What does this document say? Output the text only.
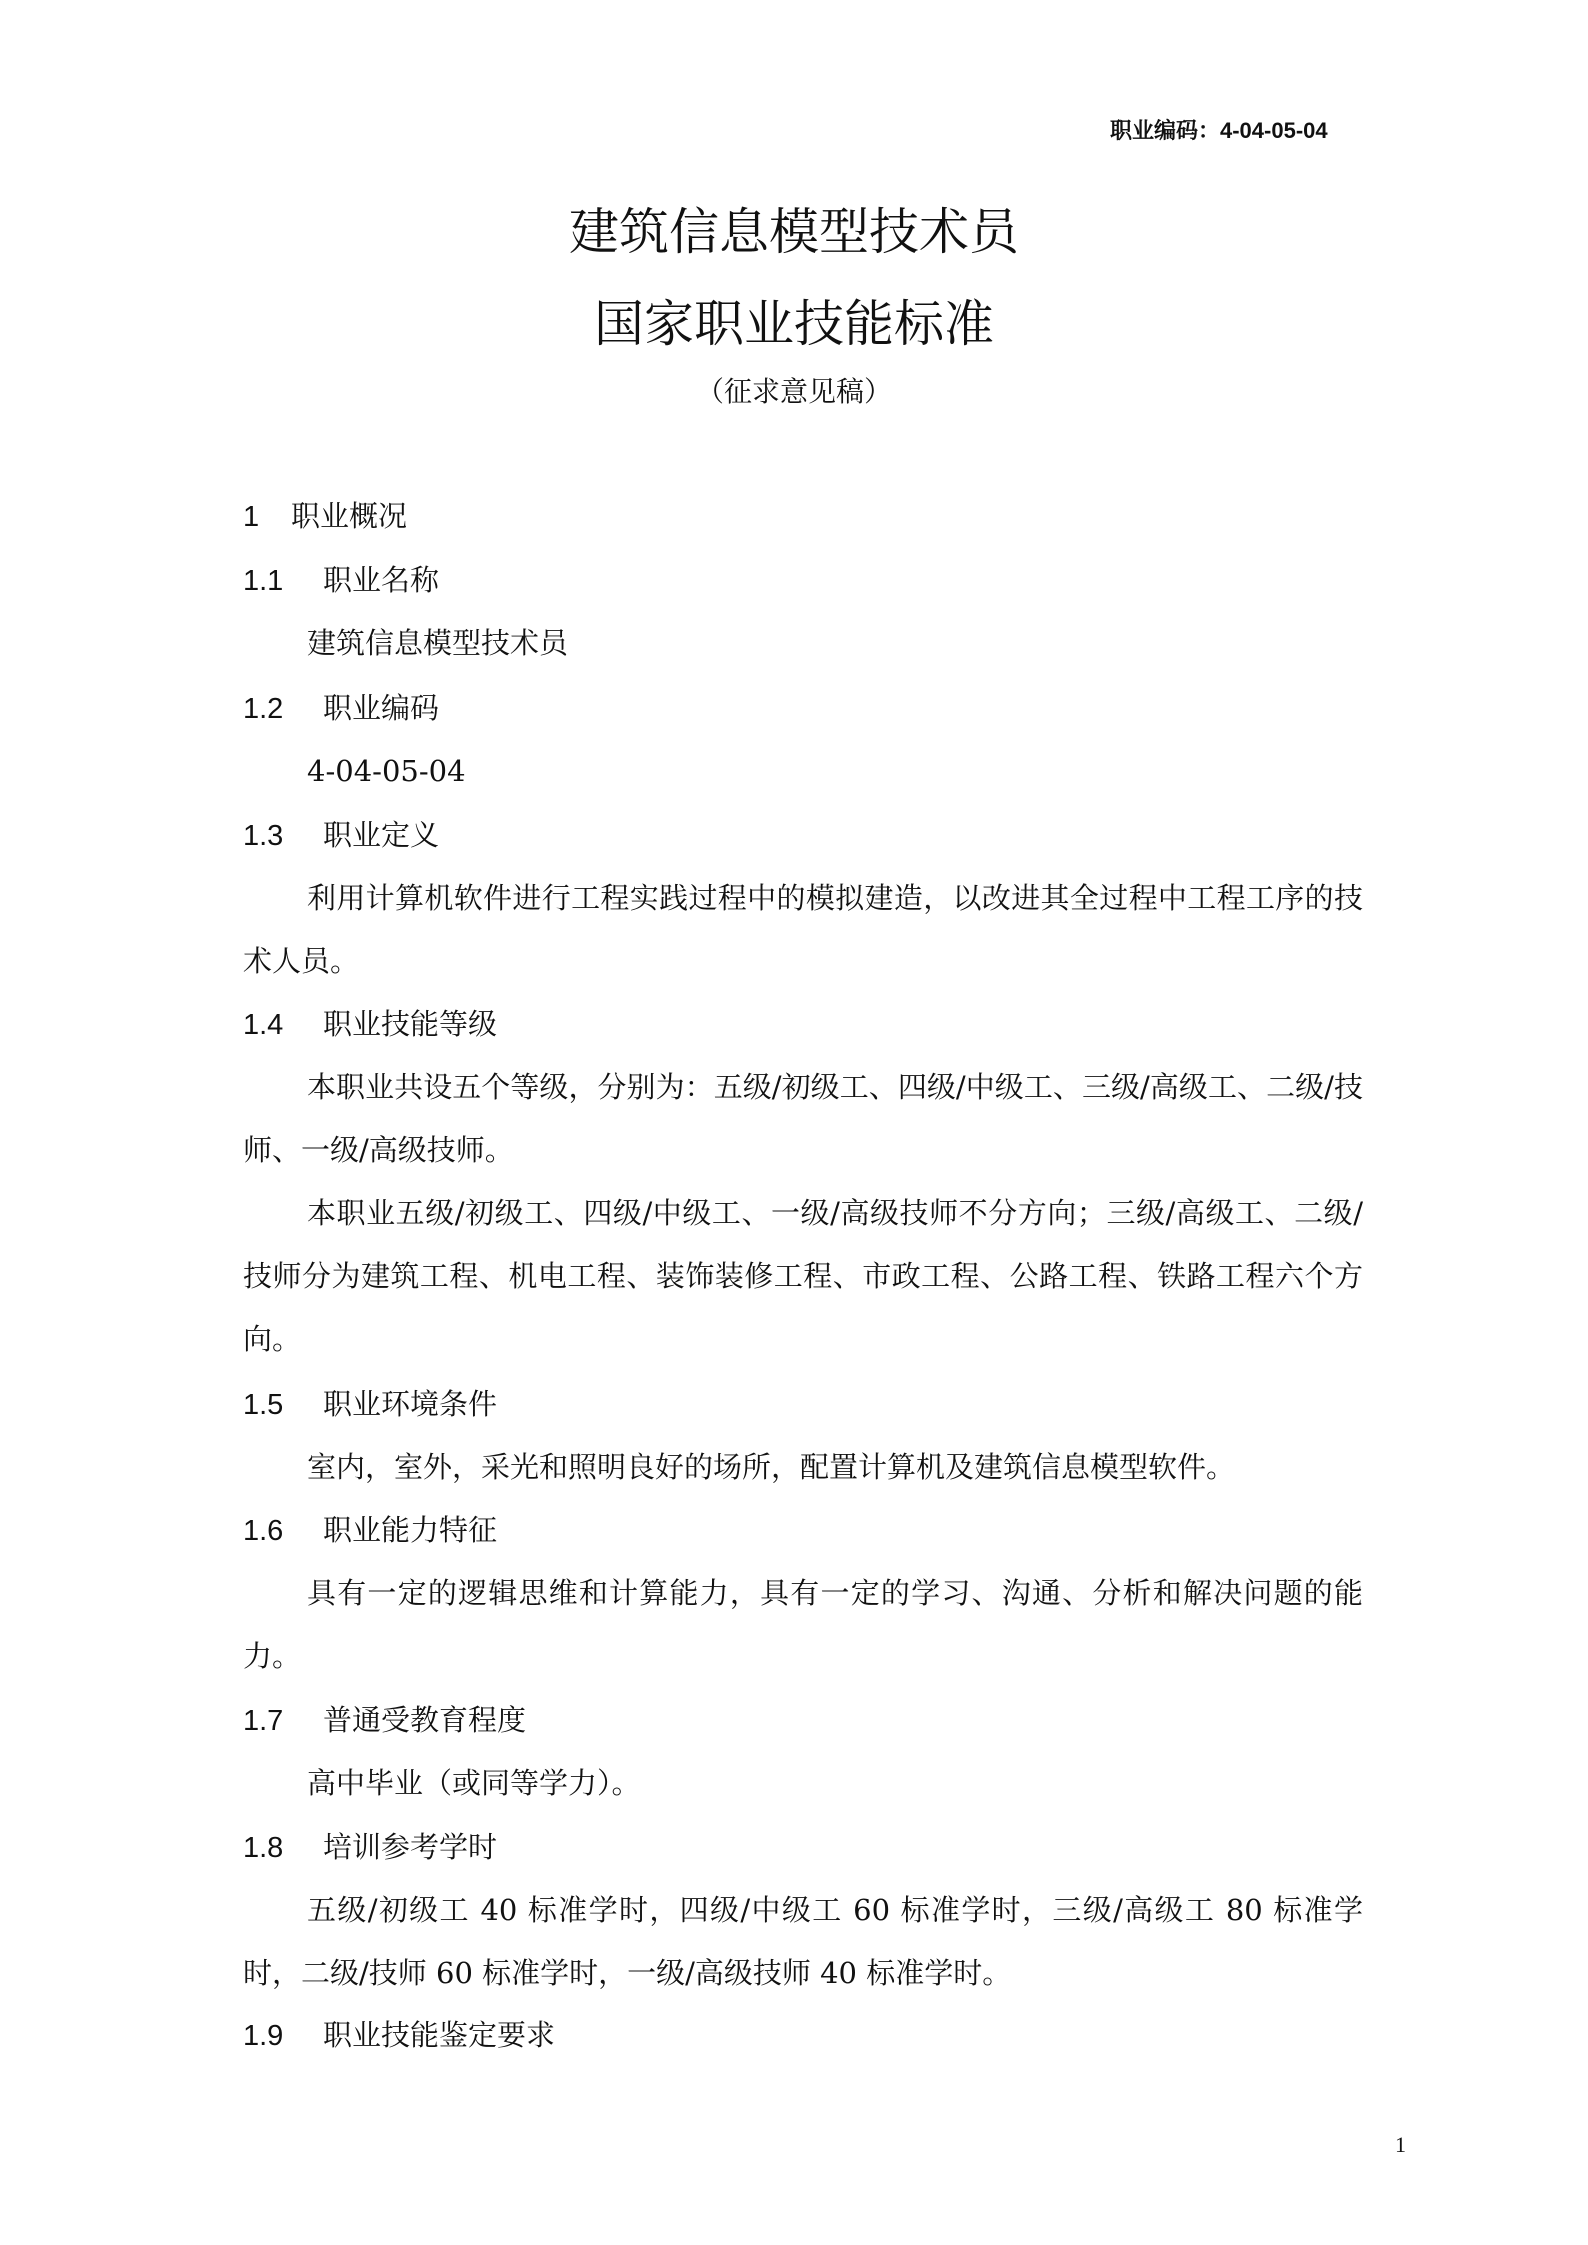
职业编码：4-04-05-04
建筑信息模型技术员
国家职业技能标准
（征求意见稿）
1 职业概况
1.1 职业名称
建筑信息模型技术员
1.2 职业编码
4-04-05-04
1.3 职业定义
利用计算机软件进行工程实践过程中的模拟建造，以改进其全过程中工程工序的技术人员。
1.4 职业技能等级
本职业共设五个等级，分别为：五级/初级工、四级/中级工、三级/高级工、二级/技师、一级/高级技师。
本职业五级/初级工、四级/中级工、一级/高级技师不分方向；三级/高级工、二级/技师分为建筑工程、机电工程、装饰装修工程、市政工程、公路工程、铁路工程六个方向。
1.5 职业环境条件
室内，室外，采光和照明良好的场所，配置计算机及建筑信息模型软件。
1.6 职业能力特征
具有一定的逻辑思维和计算能力，具有一定的学习、沟通、分析和解决问题的能力。
1.7 普通受教育程度
高中毕业（或同等学力）。
1.8 培训参考学时
五级/初级工 40 标准学时，四级/中级工 60 标准学时，三级/高级工 80 标准学时，二级/技师 60 标准学时，一级/高级技师 40 标准学时。
1.9 职业技能鉴定要求
1
